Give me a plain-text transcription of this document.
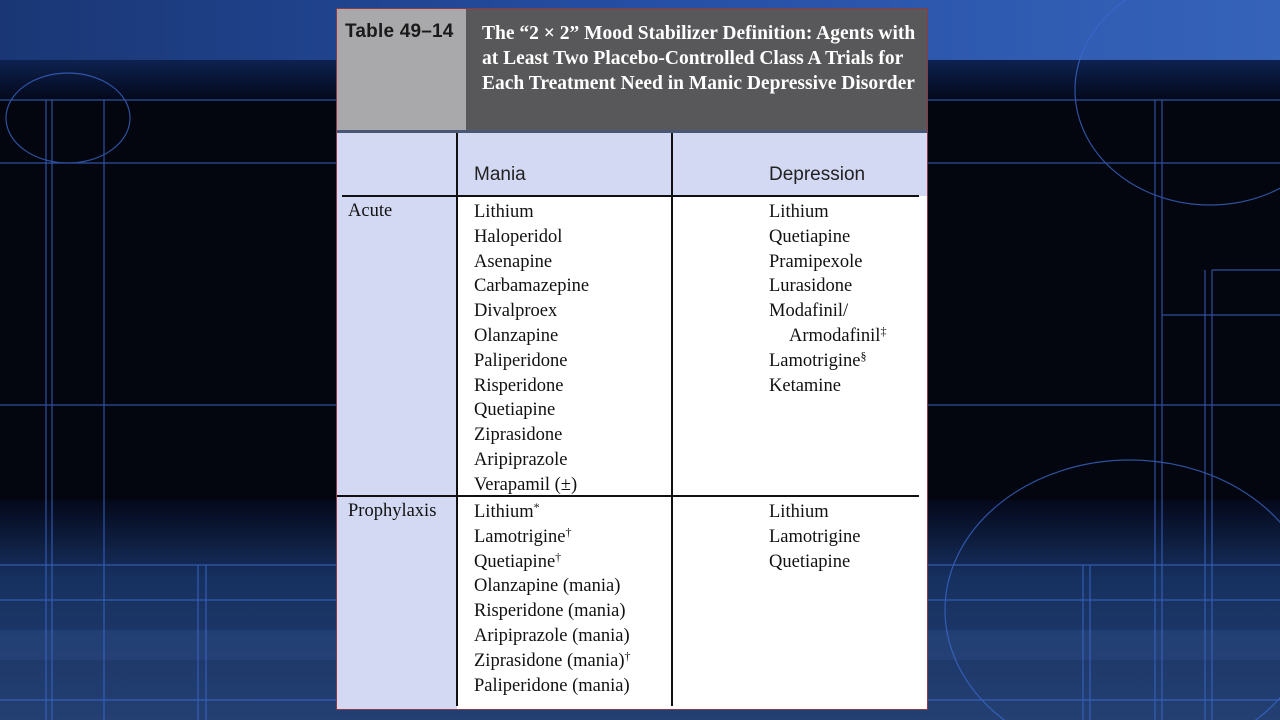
Table 49–14 The “2 × 2” Mood Stabilizer Definition: Agents with at Least Two Placebo-Controlled Class A Trials for Each Treatment Need in Manic Depressive Disorder
Mania	Depression
Acute
Prophylaxis
Lithium
Haloperidol
Asenapine
Carbamazepine
Divalproex
Olanzapine
Paliperidone
Risperidone
Quetiapine
Ziprasidone
Aripiprazole
Verapamil (±)
Lithium
Quetiapine
Pramipexole
Lurasidone
Modafinil/
Armodafinil‡
Lamotrigine§
Ketamine
Lithium*
Lamotrigine†
Quetiapine†
Olanzapine (mania)
Risperidone (mania)
Aripiprazole (mania)
Ziprasidone (mania)†
Paliperidone (mania)
Lithium
Lamotrigine
Quetiapine
